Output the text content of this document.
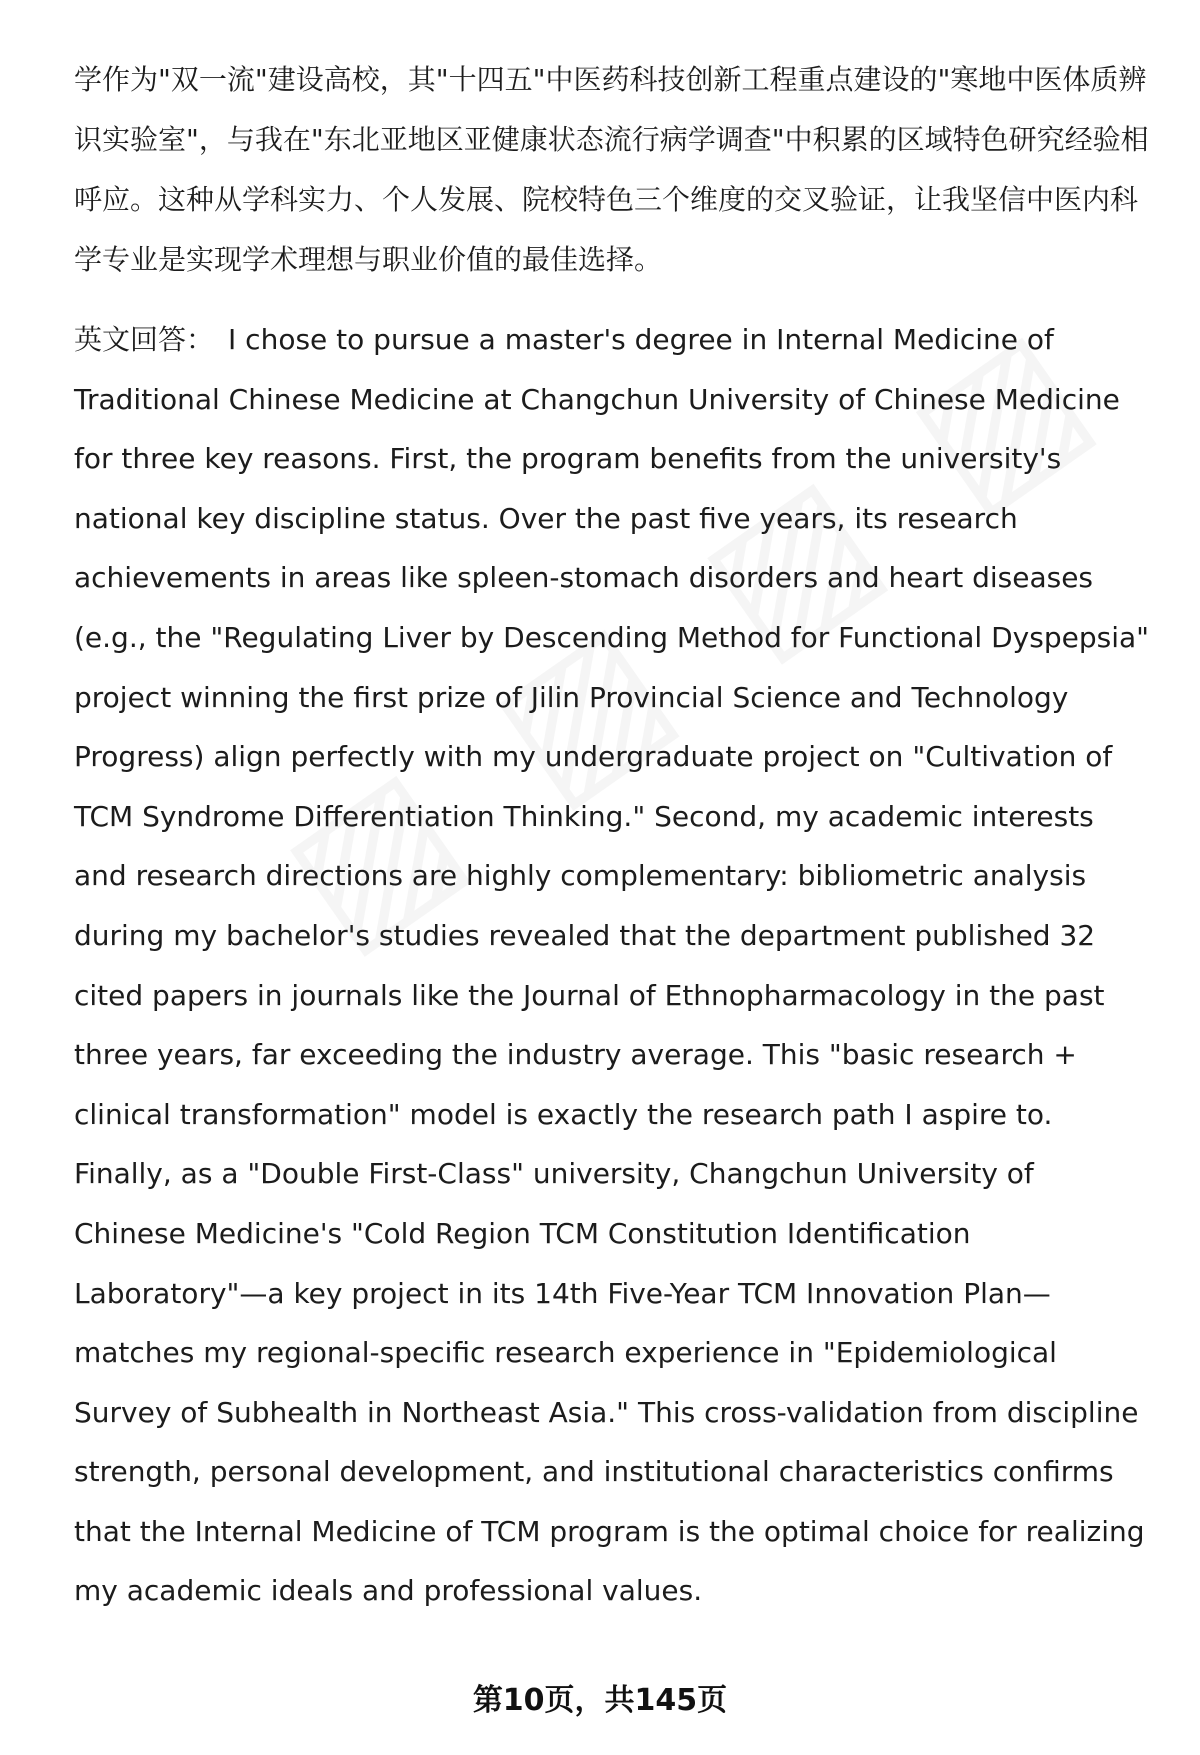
学作为"双一流"建设高校，其"十四五"中医药科技创新工程重点建设的"寒地中医体质辨识实验室"，与我在"东北亚地区亚健康状态流行病学调查"中积累的区域特色研究经验相呼应。这种从学科实力、个人发展、院校特色三个维度的交叉验证，让我坚信中医内科学专业是实现学术理想与职业价值的最佳选择。

英文回答： I chose to pursue a master's degree in Internal Medicine of Traditional Chinese Medicine at Changchun University of Chinese Medicine for three key reasons. First, the program benefits from the university's national key discipline status. Over the past five years, its research achievements in areas like spleen-stomach disorders and heart diseases (e.g., the "Regulating Liver by Descending Method for Functional Dyspepsia" project winning the first prize of Jilin Provincial Science and Technology Progress) align perfectly with my undergraduate project on "Cultivation of TCM Syndrome Differentiation Thinking." Second, my academic interests and research directions are highly complementary: bibliometric analysis during my bachelor's studies revealed that the department published 32 cited papers in journals like the Journal of Ethnopharmacology in the past three years, far exceeding the industry average. This "basic research + clinical transformation" model is exactly the research path I aspire to. Finally, as a "Double First-Class" university, Changchun University of Chinese Medicine's "Cold Region TCM Constitution Identification Laboratory"—a key project in its 14th Five-Year TCM Innovation Plan—matches my regional-specific research experience in "Epidemiological Survey of Subhealth in Northeast Asia." This cross-validation from discipline strength, personal development, and institutional characteristics confirms that the Internal Medicine of TCM program is the optimal choice for realizing my academic ideals and professional values.

第10页，共145页
